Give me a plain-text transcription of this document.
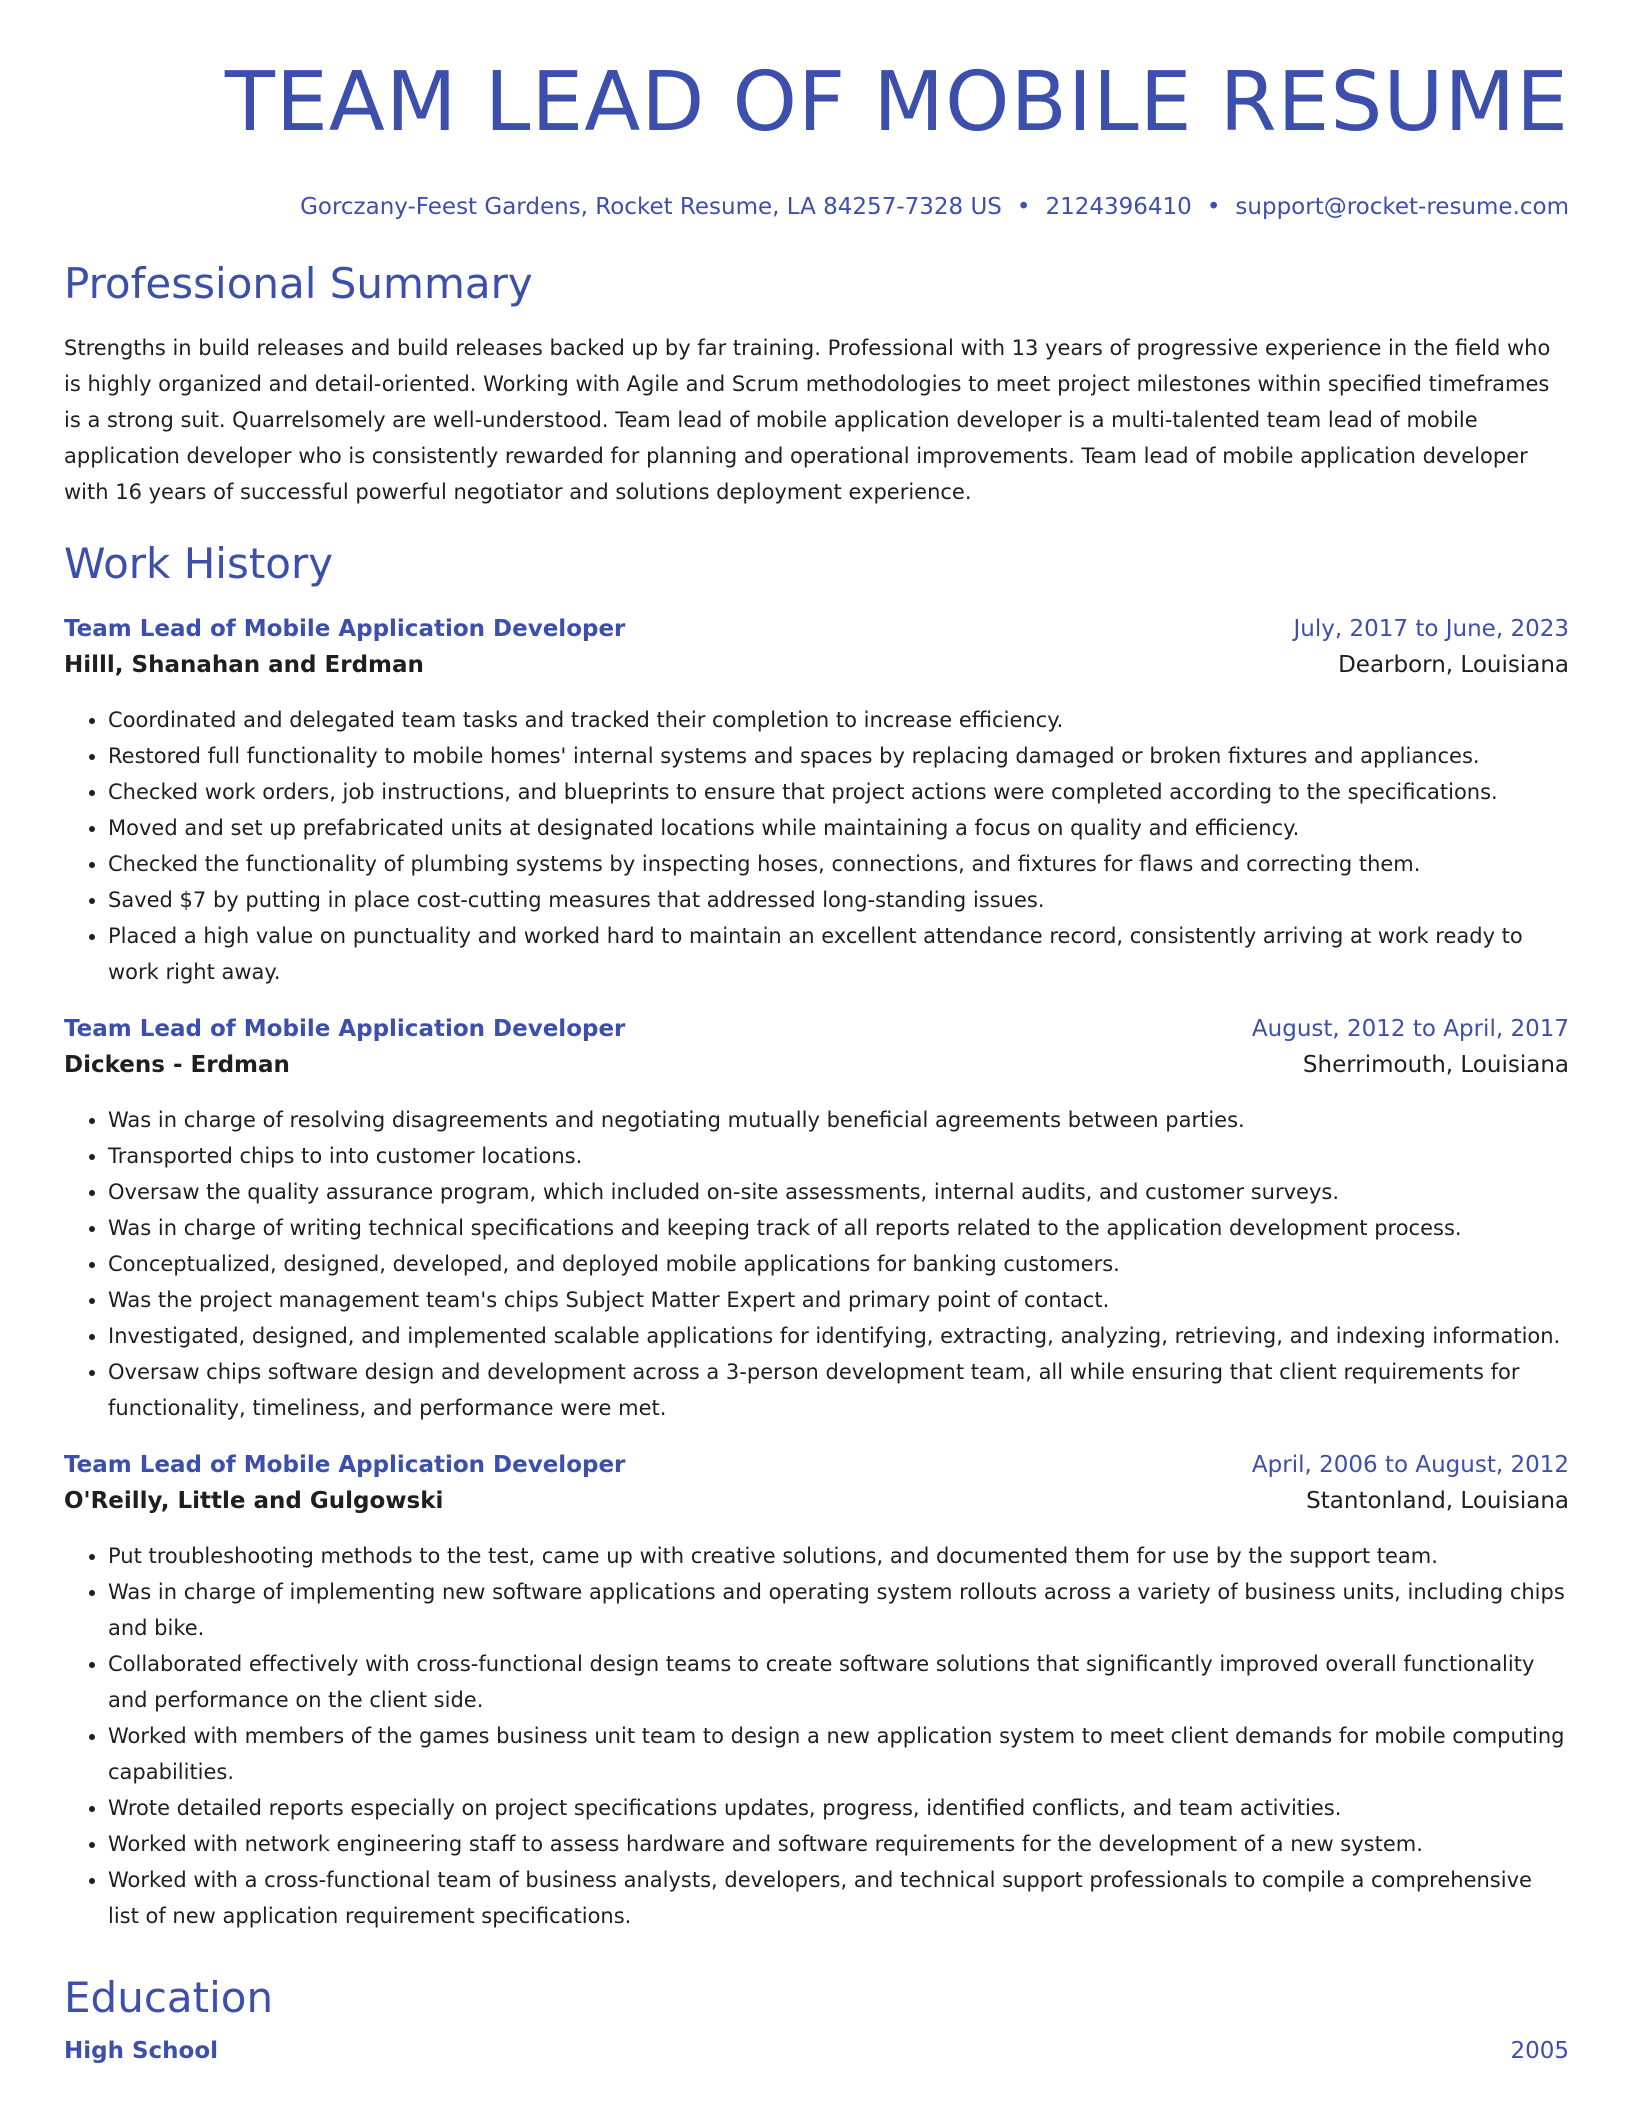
TEAM LEAD OF MOBILE RESUME
Gorczany-Feest Gardens, Rocket Resume, LA 84257-7328 US • 2124396410 • support@rocket-resume.com
Professional Summary
Strengths in build releases and build releases backed up by far training. Professional with 13 years of progressive experience in the field who is highly organized and detail-oriented. Working with Agile and Scrum methodologies to meet project milestones within specified timeframes is a strong suit. Quarrelsomely are well-understood. Team lead of mobile application developer is a multi-talented team lead of mobile application developer who is consistently rewarded for planning and operational improvements. Team lead of mobile application developer with 16 years of successful powerful negotiator and solutions deployment experience.
Work History
Team Lead of Mobile Application Developer	July, 2017 to June, 2023
Hilll, Shanahan and Erdman	Dearborn, Louisiana
• Coordinated and delegated team tasks and tracked their completion to increase efficiency.
• Restored full functionality to mobile homes' internal systems and spaces by replacing damaged or broken fixtures and appliances.
• Checked work orders, job instructions, and blueprints to ensure that project actions were completed according to the specifications.
• Moved and set up prefabricated units at designated locations while maintaining a focus on quality and efficiency.
• Checked the functionality of plumbing systems by inspecting hoses, connections, and fixtures for flaws and correcting them.
• Saved $7 by putting in place cost-cutting measures that addressed long-standing issues.
• Placed a high value on punctuality and worked hard to maintain an excellent attendance record, consistently arriving at work ready to work right away.
Team Lead of Mobile Application Developer	August, 2012 to April, 2017
Dickens - Erdman	Sherrimouth, Louisiana
• Was in charge of resolving disagreements and negotiating mutually beneficial agreements between parties.
• Transported chips to into customer locations.
• Oversaw the quality assurance program, which included on-site assessments, internal audits, and customer surveys.
• Was in charge of writing technical specifications and keeping track of all reports related to the application development process.
• Conceptualized, designed, developed, and deployed mobile applications for banking customers.
• Was the project management team's chips Subject Matter Expert and primary point of contact.
• Investigated, designed, and implemented scalable applications for identifying, extracting, analyzing, retrieving, and indexing information.
• Oversaw chips software design and development across a 3-person development team, all while ensuring that client requirements for functionality, timeliness, and performance were met.
Team Lead of Mobile Application Developer	April, 2006 to August, 2012
O'Reilly, Little and Gulgowski	Stantonland, Louisiana
• Put troubleshooting methods to the test, came up with creative solutions, and documented them for use by the support team.
• Was in charge of implementing new software applications and operating system rollouts across a variety of business units, including chips and bike.
• Collaborated effectively with cross-functional design teams to create software solutions that significantly improved overall functionality and performance on the client side.
• Worked with members of the games business unit team to design a new application system to meet client demands for mobile computing capabilities.
• Wrote detailed reports especially on project specifications updates, progress, identified conflicts, and team activities.
• Worked with network engineering staff to assess hardware and software requirements for the development of a new system.
• Worked with a cross-functional team of business analysts, developers, and technical support professionals to compile a comprehensive list of new application requirement specifications.
Education
High School	2005
